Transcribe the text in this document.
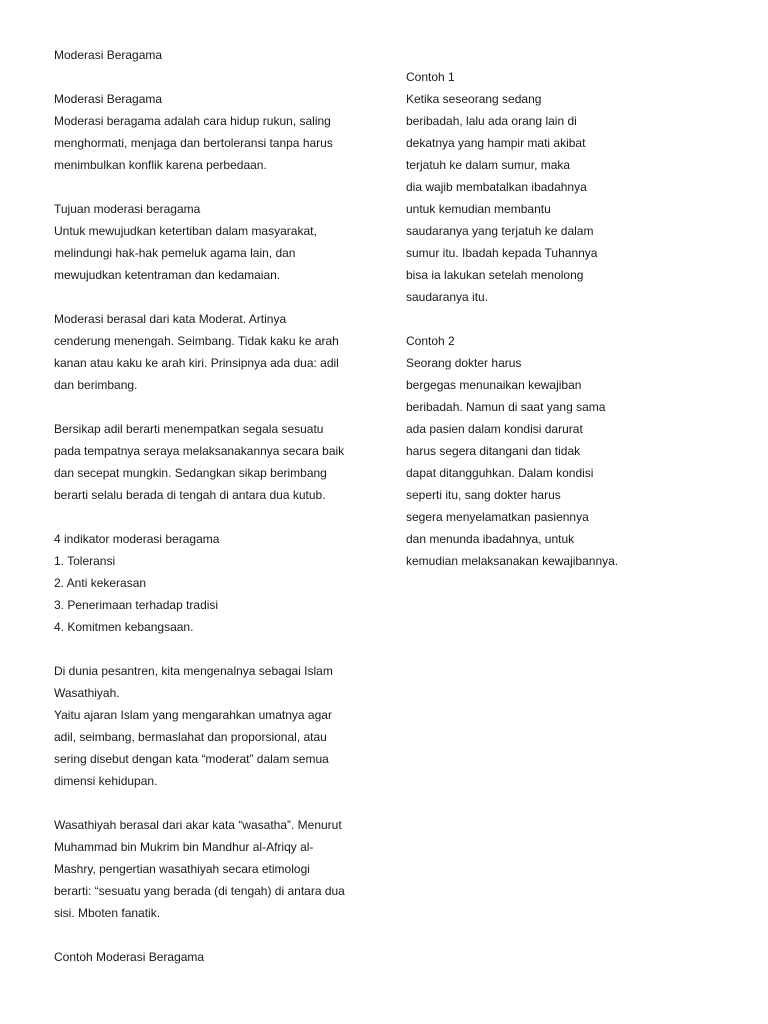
Moderasi Beragama
Moderasi Beragama
Moderasi beragama adalah cara hidup rukun, saling
menghormati, menjaga dan bertoleransi tanpa harus
menimbulkan konflik karena perbedaan.
Tujuan moderasi beragama
Untuk mewujudkan ketertiban dalam masyarakat,
melindungi hak-hak pemeluk agama lain, dan
mewujudkan ketentraman dan kedamaian.
Moderasi berasal dari kata Moderat. Artinya
cenderung menengah. Seimbang. Tidak kaku ke arah
kanan atau kaku ke arah kiri. Prinsipnya ada dua: adil
dan berimbang.
Bersikap adil berarti menempatkan segala sesuatu
pada tempatnya seraya melaksanakannya secara baik
dan secepat mungkin. Sedangkan sikap berimbang
berarti selalu berada di tengah di antara dua kutub.
4 indikator moderasi beragama
1. Toleransi
2. Anti kekerasan
3. Penerimaan terhadap tradisi
4. Komitmen kebangsaan.
Di dunia pesantren, kita mengenalnya sebagai Islam
Wasathiyah.
Yaitu ajaran Islam yang mengarahkan umatnya agar
adil, seimbang, bermaslahat dan proporsional, atau
sering disebut dengan kata “moderat” dalam semua
dimensi kehidupan.
Wasathiyah berasal dari akar kata “wasatha”. Menurut
Muhammad bin Mukrim bin Mandhur al-Afriqy al-
Mashry, pengertian wasathiyah secara etimologi
berarti: “sesuatu yang berada (di tengah) di antara dua
sisi. Mboten fanatik.
Contoh Moderasi Beragama
Contoh 1
Ketika seseorang sedang
beribadah, lalu ada orang lain di
dekatnya yang hampir mati akibat
terjatuh ke dalam sumur, maka
dia wajib membatalkan ibadahnya
untuk kemudian membantu
saudaranya yang terjatuh ke dalam
sumur itu. Ibadah kepada Tuhannya
bisa ia lakukan setelah menolong
saudaranya itu.
Contoh 2
Seorang dokter harus
bergegas menunaikan kewajiban
beribadah. Namun di saat yang sama
ada pasien dalam kondisi darurat
harus segera ditangani dan tidak
dapat ditangguhkan. Dalam kondisi
seperti itu, sang dokter harus
segera menyelamatkan pasiennya
dan menunda ibadahnya, untuk
kemudian melaksanakan kewajibannya.
